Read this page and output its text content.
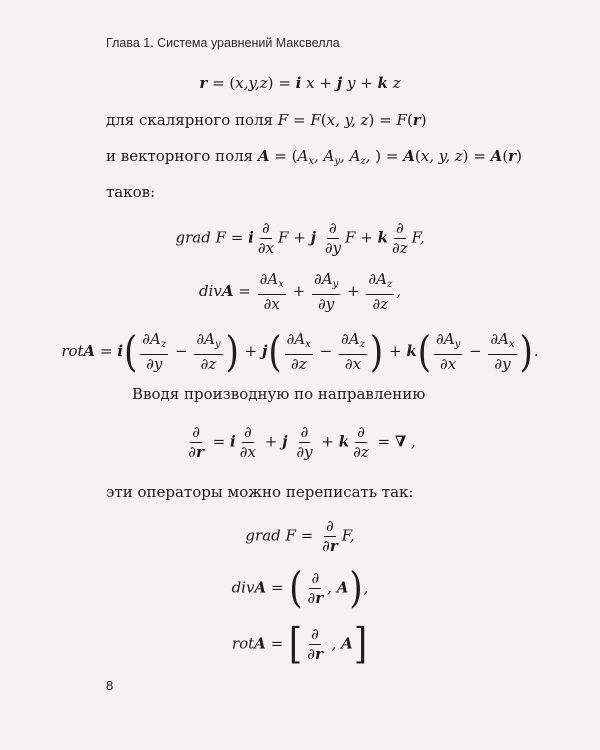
Глава 1. Система уравнений Максвелла
r = (x,y,z) = i x + j y + k z
для скалярного поля F = F(x, y, z) = F(r)
и векторного поля $A = (A_x$, $A_y$, $A_z$, ) = A(x, y, z) = A(r)
таков:
grad F = i $\frac{\partial}{\partial x}$ F + j $\frac{\partial}{\partial y}$ F + k $\frac{\partial}{\partial z} F$,
divA = $\frac{\partial A_x}{\partial x} + \frac{\partial A_y}{\partial y} + \frac{\partial A_z}{\partial z}$ ,
rotA = $i( \frac{\partial A_z}{\partial y} - \frac{\partial A_y}{\partial z}$ ) + $j( \frac{\partial A_x}{\partial z} - \frac{\partial A_z}{\partial x}$ ) + $k( \frac{\partial A_y}{\partial x} - \frac{\partial A_x}{\partial y}$ ).
Вводя производную по направлению
$\frac{\partial}{\partial r} = i \frac{\partial}{\partial x} + j \frac{\partial}{\partial y} + k \frac{\partial}{\partial z}$ = ∇ ,
эти операторы можно переписать так:
grad $F = \frac{\partial}{\partial r} F$,
divA = ( $\frac{\partial}{\partial r}$ , A),
rotA = [ $\frac{\partial}{\partial r}$ , A]
8
